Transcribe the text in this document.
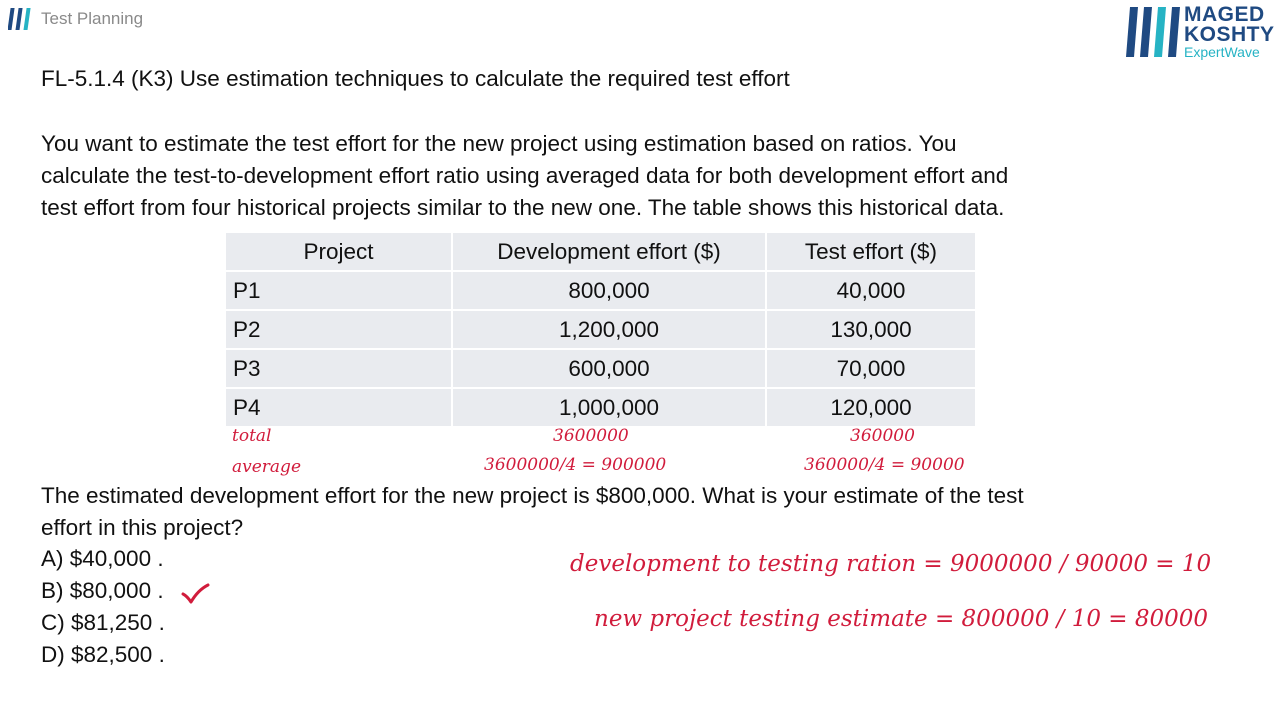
Test Planning	MAGED
KOSHTY
ExpertWave
FL-5.1.4 (K3) Use estimation techniques to calculate the required test effort

You want to estimate the test effort for the new project using estimation based on ratios. You
calculate the test-to-development effort ratio using averaged data for both development effort and
test effort from four historical projects similar to the new one. The table shows this historical data.

Project	Development effort ($)	Test effort ($)
P1	800,000	40,000
P2	1,200,000	130,000
P3	600,000	70,000
P4	1,000,000	120,000
total	3600000	360000
average	3600000/4 = 900000	360000/4 = 90000

The estimated development effort for the new project is $800,000. What is your estimate of the test
effort in this project?

A) $40,000 .
B) $80,000 .
C) $81,250 .
D) $82,500 .
development to testing ration = 9000000 / 90000 = 10
new project testing estimate = 800000 / 10 = 80000
